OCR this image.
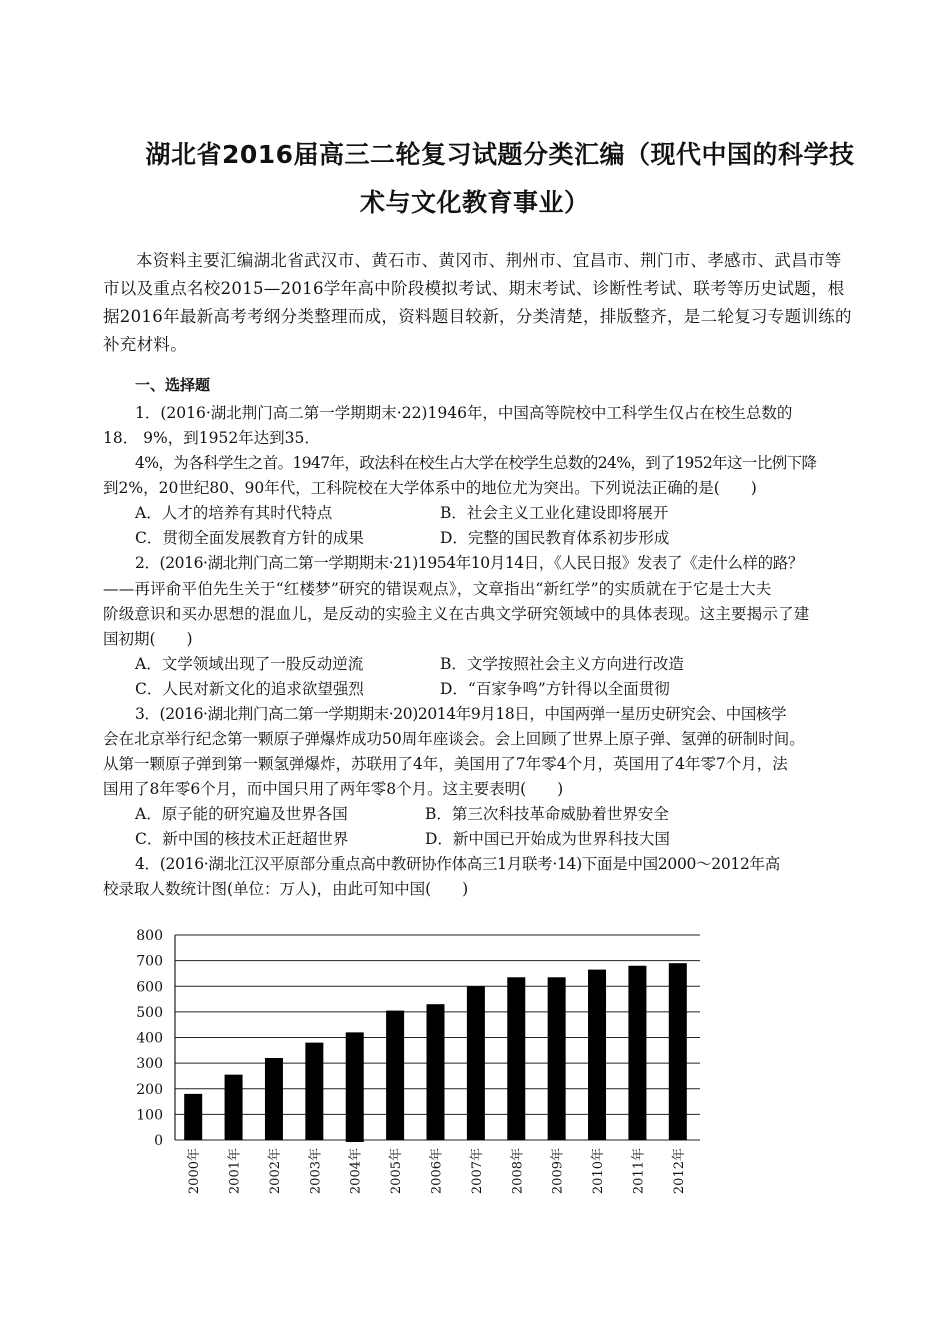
湖北省2016届高三二轮复习试题分类汇编（现代中国的科学技
术与文化教育事业）
本资料主要汇编湖北省武汉市、黄石市、黄冈市、荆州市、宜昌市、荆门市、孝感市、武昌市等市以及重点名校2015—2016学年高中阶段模拟考试、期末考试、诊断性考试、联考等历史试题，根据2016年最新高考考纲分类整理而成，资料题目较新，分类清楚，排版整齐，是二轮复习专题训练的补充材料。
一、选择题
1．(2016·湖北荆门高二第一学期期末·22)1946年，中国高等院校中工科学生仅占在校生总数的
18． 9%，到1952年达到35．
4%，为各科学生之首。1947年，政法科在校生占大学在校学生总数的24%，到了1952年这一比例下降
到2%，20世纪80、90年代，工科院校在大学体系中的地位尤为突出。下列说法正确的是(　　)
A．人才的培养有其时代特点	B．社会主义工业化建设即将展开
C．贯彻全面发展教育方针的成果	D．完整的国民教育体系初步形成
2．(2016·湖北荆门高二第一学期期末·21)1954年10月14日，《人民日报》发表了《走什么样的路？
——再评俞平伯先生关于“红楼梦”研究的错误观点》，文章指出“新红学”的实质就在于它是士大夫
阶级意识和买办思想的混血儿，是反动的实验主义在古典文学研究领域中的具体表现。这主要揭示了建
国初期(　　)
A．文学领域出现了一股反动逆流	B．文学按照社会主义方向进行改造
C．人民对新文化的追求欲望强烈	D．“百家争鸣”方针得以全面贯彻
3．(2016·湖北荆门高二第一学期期末·20)2014年9月18日，中国两弹一星历史研究会、中国核学
会在北京举行纪念第一颗原子弹爆炸成功50周年座谈会。会上回顾了世界上原子弹、氢弹的研制时间。
从第一颗原子弹到第一颗氢弹爆炸，苏联用了4年，美国用了7年零4个月，英国用了4年零7个月，法
国用了8年零6个月，而中国只用了两年零8个月。这主要表明(　　)
A．原子能的研究遍及世界各国	B．第三次科技革命威胁着世界安全
C．新中国的核技术正赶超世界	D．新中国已开始成为世界科技大国
4．(2016·湖北江汉平原部分重点高中教研协作体高三1月联考·14)下面是中国2000～2012年高
校录取人数统计图(单位：万人)，由此可知中国(　　)
800
700
600
500
400
300
200
100
0
2000年 2001年 2002年 2003年 2004年 2005年 2006年 2007年 2008年 2009年 2010年 2011年 2012年
